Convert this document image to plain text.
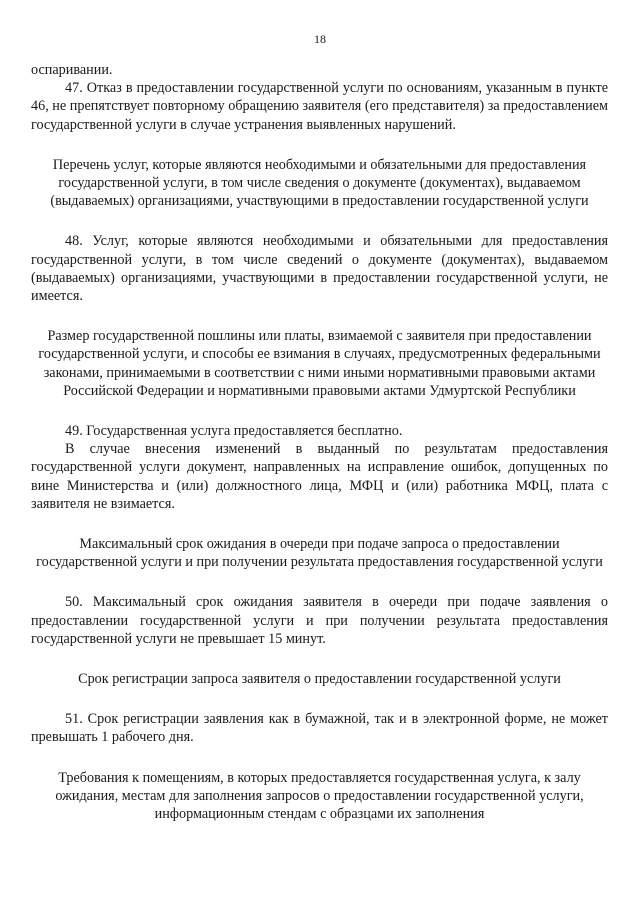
18

оспаривании.

47. Отказ в предоставлении государственной услуги по основаниям, указанным в пункте 46, не препятствует повторному обращению заявителя (его представителя) за предоставлением государственной услуги в случае устранения выявленных нарушений.

Перечень услуг, которые являются необходимыми и обязательными для предоставления государственной услуги, в том числе сведения о документе (документах), выдаваемом (выдаваемых) организациями, участвующими в предоставлении государственной услуги

48. Услуг, которые являются необходимыми и обязательными для предоставления государственной услуги, в том числе сведений о документе (документах), выдаваемом (выдаваемых) организациями, участвующими в предоставлении государственной услуги, не имеется.

Размер государственной пошлины или платы, взимаемой с заявителя при предоставлении государственной услуги, и способы ее взимания в случаях, предусмотренных федеральными законами, принимаемыми в соответствии с ними иными нормативными правовыми актами Российской Федерации и нормативными правовыми актами Удмуртской Республики

49. Государственная услуга предоставляется бесплатно.

В случае внесения изменений в выданный по результатам предоставления государственной услуги документ, направленных на исправление ошибок, допущенных по вине Министерства и (или) должностного лица, МФЦ и (или) работника МФЦ, плата с заявителя не взимается.

Максимальный срок ожидания в очереди при подаче запроса о предоставлении государственной услуги и при получении результата предоставления государственной услуги

50. Максимальный срок ожидания заявителя в очереди при подаче заявления о предоставлении государственной услуги и при получении результата предоставления государственной услуги не превышает 15 минут.

Срок регистрации запроса заявителя о предоставлении государственной услуги

51. Срок регистрации заявления как в бумажной, так и в электронной форме, не может превышать 1 рабочего дня.

Требования к помещениям, в которых предоставляется государственная услуга, к залу ожидания, местам для заполнения запросов о предоставлении государственной услуги, информационным стендам с образцами их заполнения
